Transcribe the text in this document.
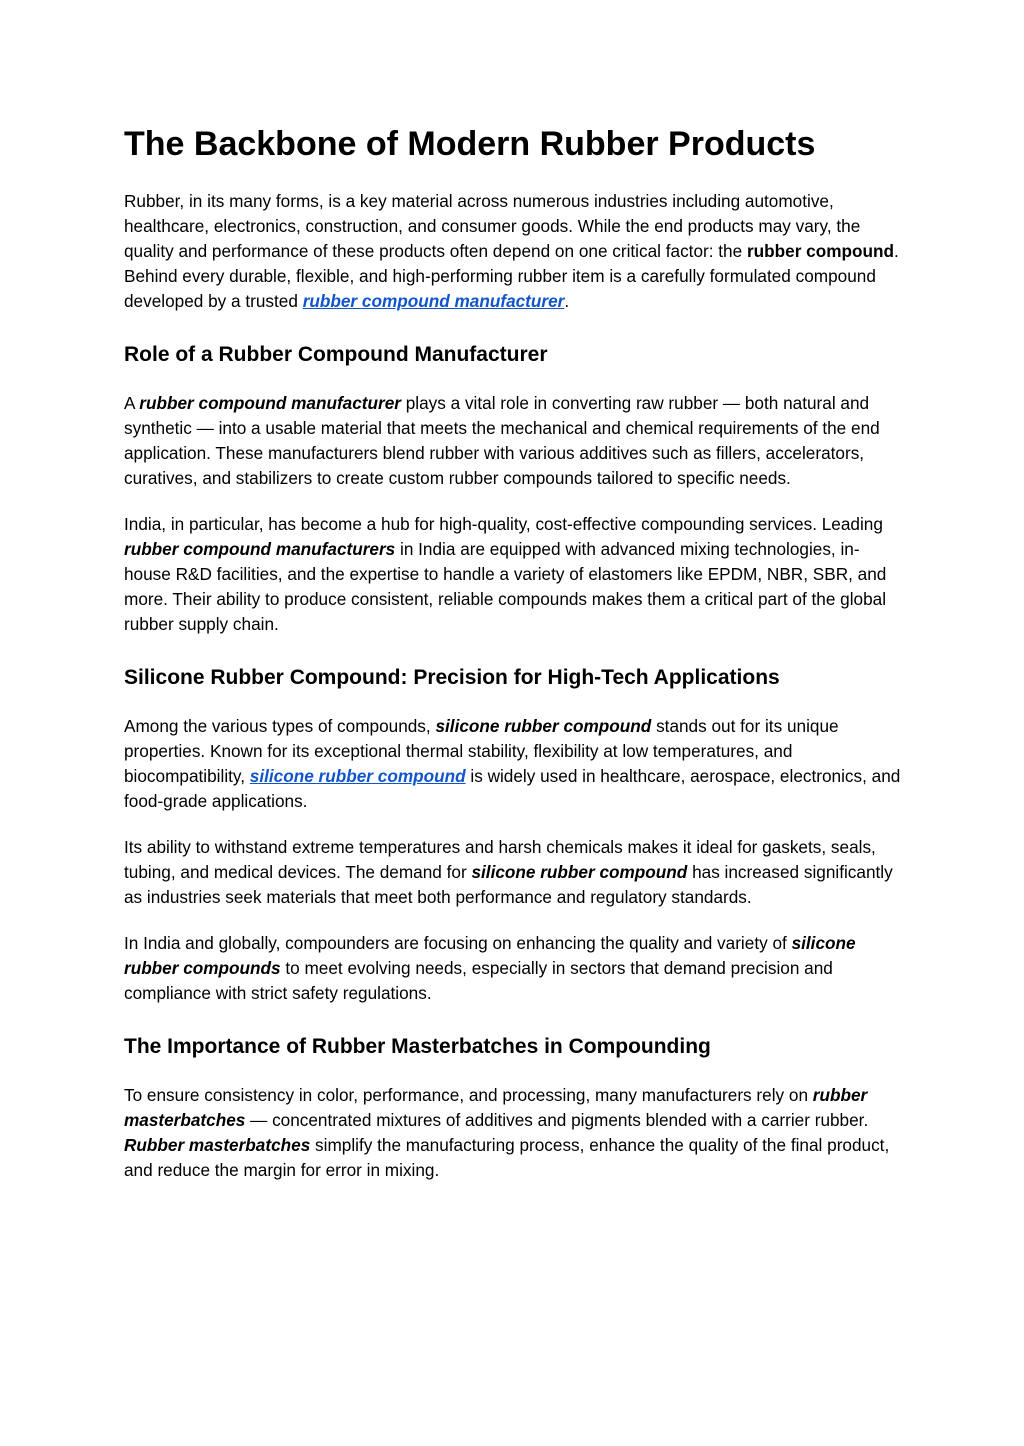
The Backbone of Modern Rubber Products

Rubber, in its many forms, is a key material across numerous industries including automotive, healthcare, electronics, construction, and consumer goods. While the end products may vary, the quality and performance of these products often depend on one critical factor: the rubber compound. Behind every durable, flexible, and high-performing rubber item is a carefully formulated compound developed by a trusted rubber compound manufacturer.

Role of a Rubber Compound Manufacturer

A rubber compound manufacturer plays a vital role in converting raw rubber — both natural and synthetic — into a usable material that meets the mechanical and chemical requirements of the end application. These manufacturers blend rubber with various additives such as fillers, accelerators, curatives, and stabilizers to create custom rubber compounds tailored to specific needs.

India, in particular, has become a hub for high-quality, cost-effective compounding services. Leading rubber compound manufacturers in India are equipped with advanced mixing technologies, in-house R&D facilities, and the expertise to handle a variety of elastomers like EPDM, NBR, SBR, and more. Their ability to produce consistent, reliable compounds makes them a critical part of the global rubber supply chain.

Silicone Rubber Compound: Precision for High-Tech Applications

Among the various types of compounds, silicone rubber compound stands out for its unique properties. Known for its exceptional thermal stability, flexibility at low temperatures, and biocompatibility, silicone rubber compound is widely used in healthcare, aerospace, electronics, and food-grade applications.

Its ability to withstand extreme temperatures and harsh chemicals makes it ideal for gaskets, seals, tubing, and medical devices. The demand for silicone rubber compound has increased significantly as industries seek materials that meet both performance and regulatory standards.

In India and globally, compounders are focusing on enhancing the quality and variety of silicone rubber compounds to meet evolving needs, especially in sectors that demand precision and compliance with strict safety regulations.

The Importance of Rubber Masterbatches in Compounding

To ensure consistency in color, performance, and processing, many manufacturers rely on rubber masterbatches — concentrated mixtures of additives and pigments blended with a carrier rubber. Rubber masterbatches simplify the manufacturing process, enhance the quality of the final product, and reduce the margin for error in mixing.
